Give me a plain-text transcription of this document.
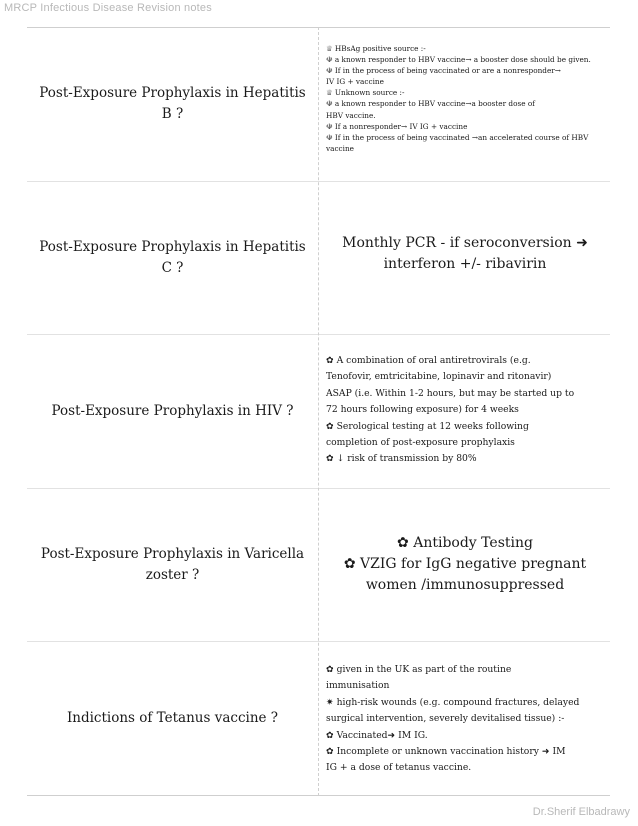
MRCP Infectious Disease Revision notes
Post-Exposure Prophylaxis in Hepatitis B ?

♕ HBsAg positive source :-

☫ a known responder to HBV vaccine→ a booster dose should be given.

☫ If in the process of being vaccinated or are a nonresponder→

IV IG + vaccine

♕ Unknown source :-

☫ a known responder to HBV vaccine→a booster dose of

HBV vaccine.

☫ If a nonresponder→ IV IG + vaccine

☫ If in the process of being vaccinated →an accelerated course of HBV

vaccine

Post-Exposure Prophylaxis in Hepatitis C ?

Monthly PCR - if seroconversion ➜

interferon +/- ribavirin

Post-Exposure Prophylaxis in HIV ?

✿ A combination of oral antiretrovirals (e.g.

Tenofovir, emtricitabine, lopinavir and ritonavir)

ASAP (i.e. Within 1-2 hours, but may be started up to

72 hours following exposure) for 4 weeks

✿ Serological testing at 12 weeks following

completion of post-exposure prophylaxis

✿ ↓ risk of transmission by 80%

Post-Exposure Prophylaxis in Varicella zoster ?

✿ Antibody Testing

✿ VZIG for IgG negative pregnant

women /immunosuppressed

Indictions of Tetanus vaccine ?

✿ given in the UK as part of the routine

immunisation

✷ high-risk wounds (e.g. compound fractures, delayed

surgical intervention, severely devitalised tissue) :-

✿ Vaccinated➜ IM IG.

✿ Incomplete or unknown vaccination history ➜ IM

IG + a dose of tetanus vaccine.

Dr.Sherif Elbadrawy
